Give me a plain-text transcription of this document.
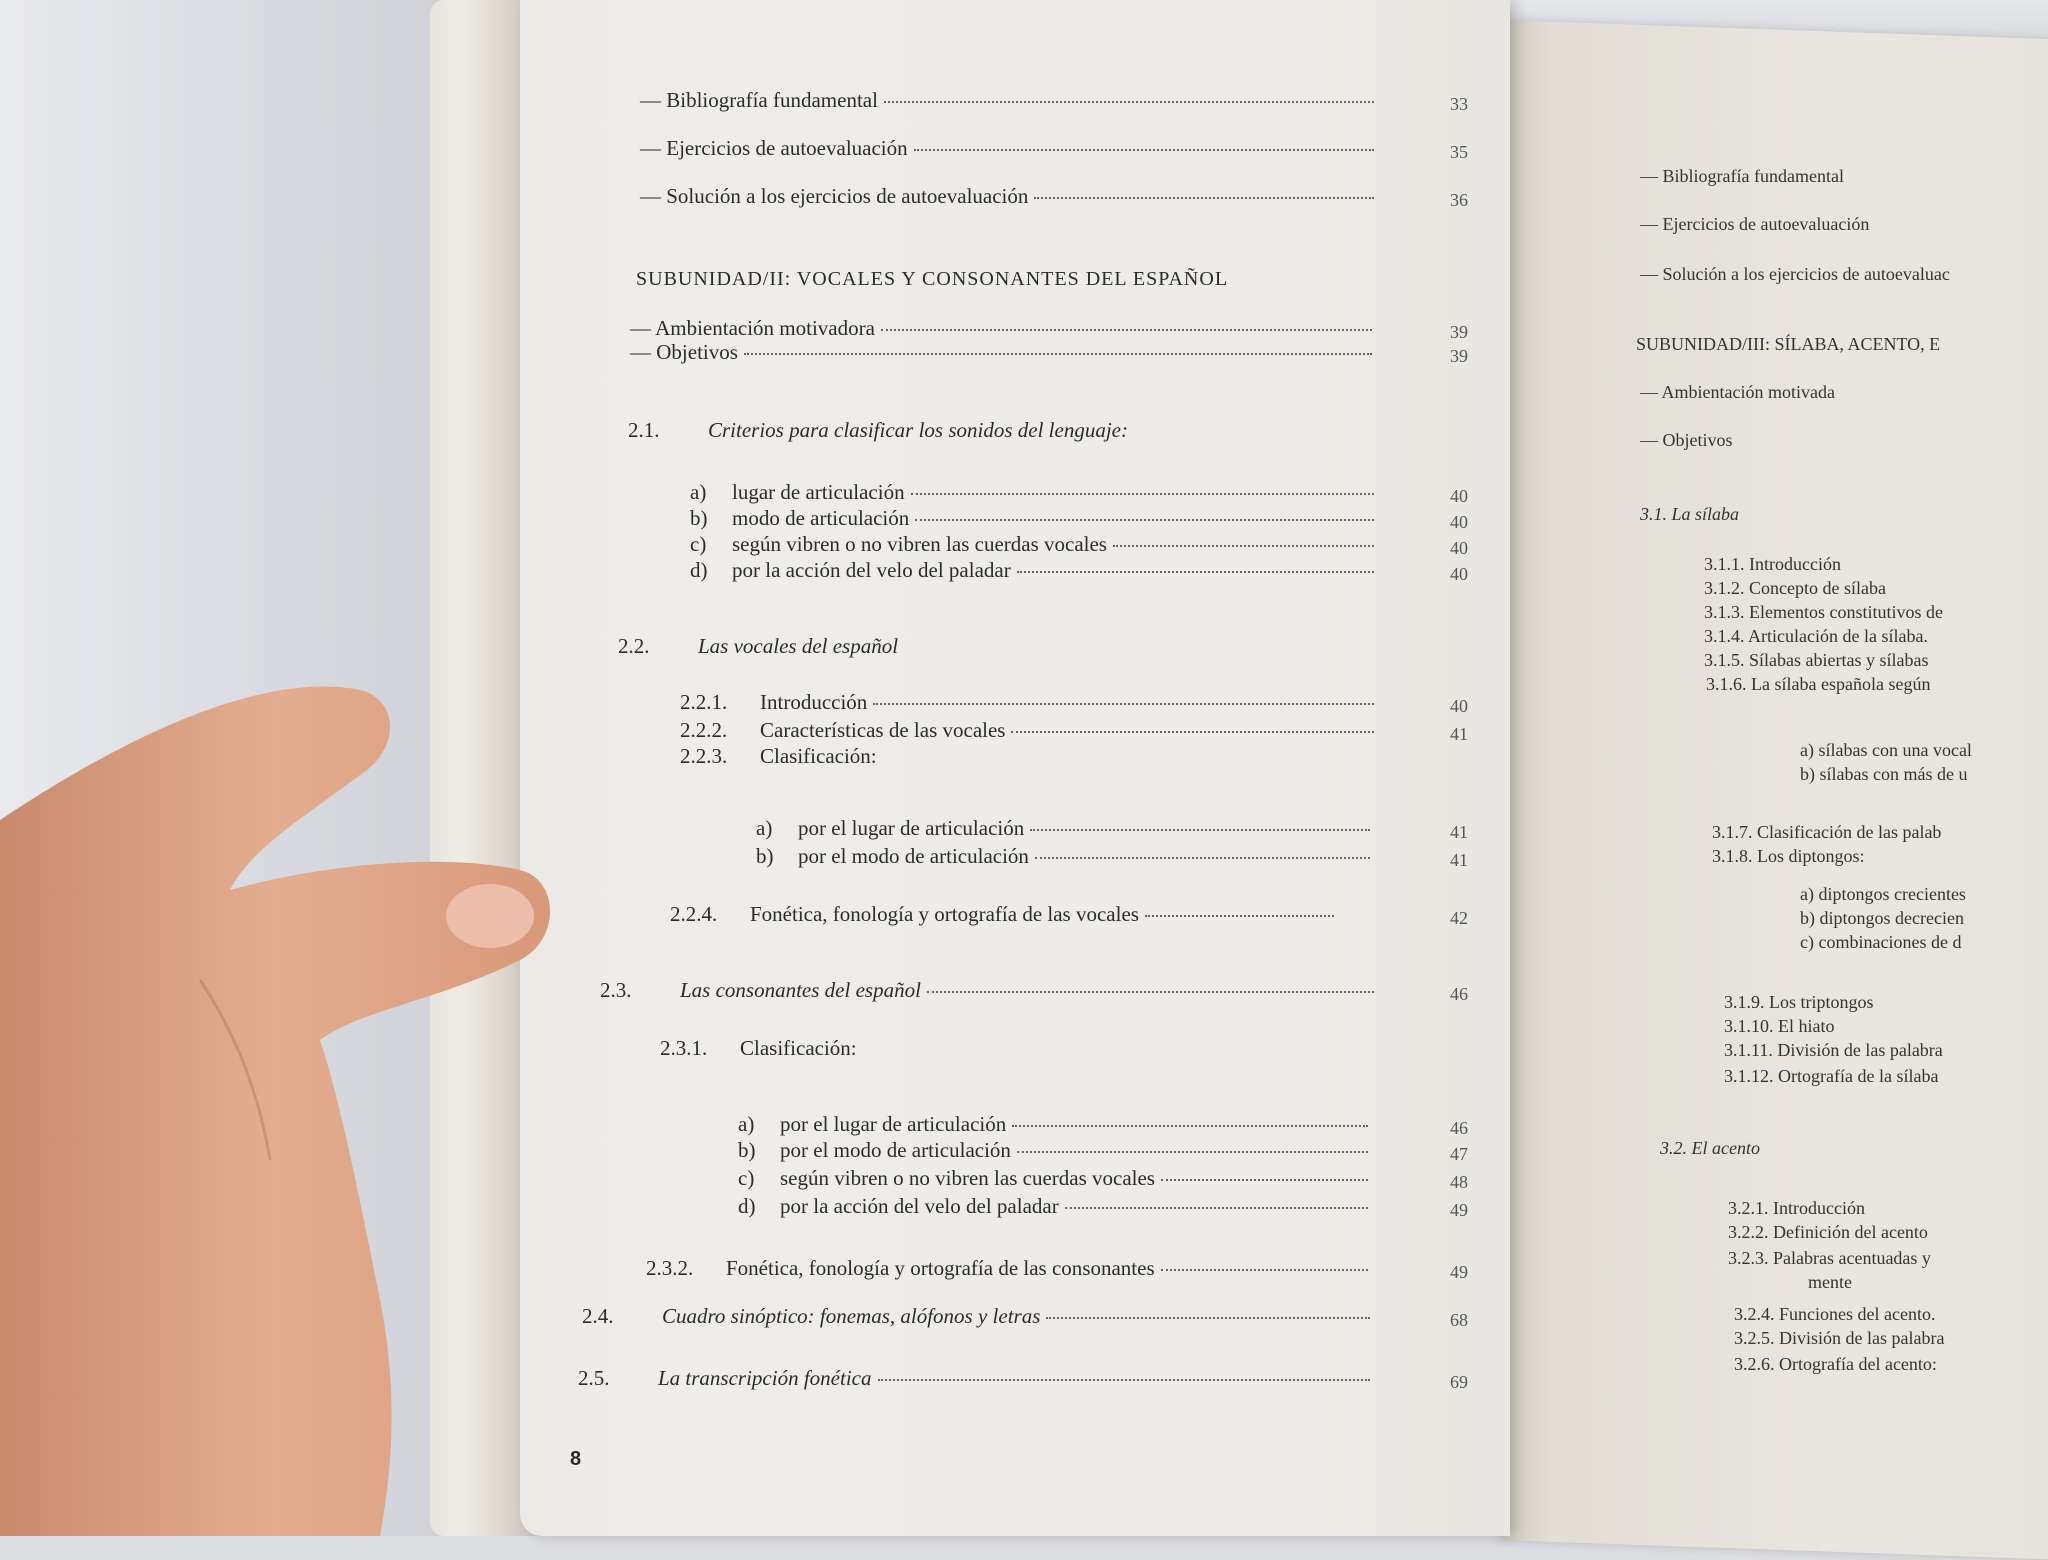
— Bibliografía fundamental	33
— Ejercicios de autoevaluación	35
— Solución a los ejercicios de autoevaluación	36
SUBUNIDAD/II: VOCALES Y CONSONANTES DEL ESPAÑOL
— Ambientación motivadora	39
— Objetivos	39
2.1.	Criterios para clasificar los sonidos del lenguaje:
a)	lugar de articulación	40
b)	modo de articulación	40
c)	según vibren o no vibren las cuerdas vocales	40
d)	por la acción del velo del paladar	40
2.2.	Las vocales del español
2.2.1.	Introducción	40
2.2.2.	Características de las vocales	41
2.2.3.	Clasificación:
a)	por el lugar de articulación	41
b)	por el modo de articulación	41
2.2.4.	Fonética, fonología y ortografía de las vocales	42
2.3.	Las consonantes del español	46
2.3.1.	Clasificación:
a)	por el lugar de articulación	46
b)	por el modo de articulación	47
c)	según vibren o no vibren las cuerdas vocales	48
d)	por la acción del velo del paladar	49
2.3.2.	Fonética, fonología y ortografía de las consonantes	49
2.4.	Cuadro sinóptico: fonemas, alófonos y letras	68
2.5.	La transcripción fonética	69
8
— Bibliografía fundamental
— Ejercicios de autoevaluación
— Solución a los ejercicios de autoevaluac
SUBUNIDAD/III: SÍLABA, ACENTO, E
— Ambientación motivada
— Objetivos
3.1. La sílaba
3.1.1. Introducción
3.1.2. Concepto de sílaba
3.1.3. Elementos constitutivos de
3.1.4. Articulación de la sílaba.
3.1.5. Sílabas abiertas y sílabas
3.1.6. La sílaba española según
a) sílabas con una vocal
b) sílabas con más de u
3.1.7. Clasificación de las palab
3.1.8. Los diptongos:
a) diptongos crecientes
b) diptongos decrecien
c) combinaciones de d
3.1.9. Los triptongos
3.1.10. El hiato
3.1.11. División de las palabra
3.1.12. Ortografía de la sílaba
3.2. El acento
3.2.1. Introducción
3.2.2. Definición del acento
3.2.3. Palabras acentuadas y
mente
3.2.4. Funciones del acento.
3.2.5. División de las palabra
3.2.6. Ortografía del acento:
